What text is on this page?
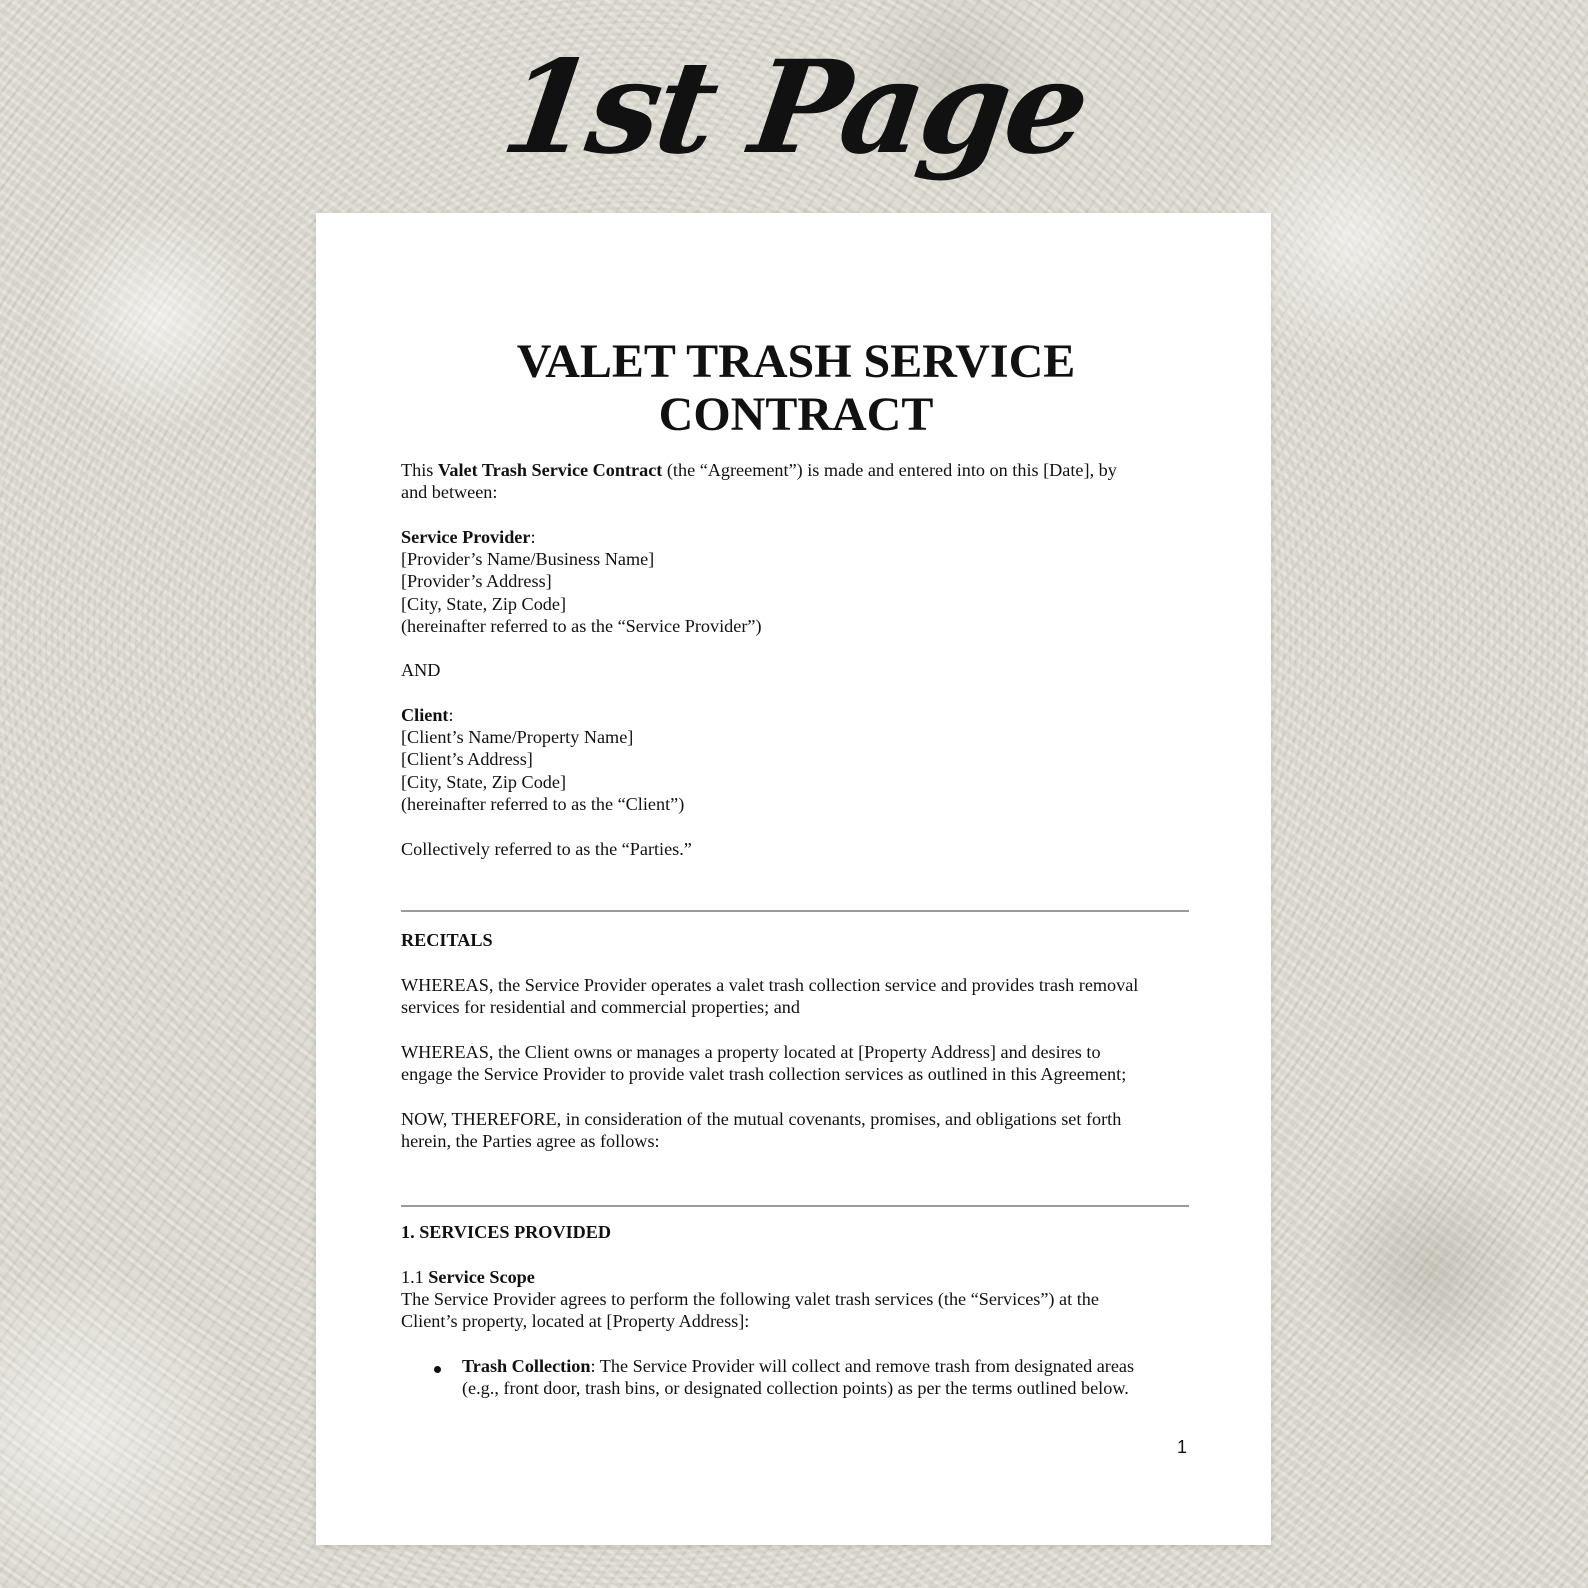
1st Page
VALET TRASH SERVICE
CONTRACT
This Valet Trash Service Contract (the “Agreement”) is made and entered into on this [Date], by
and between:
Service Provider:
[Provider’s Name/Business Name]
[Provider’s Address]
[City, State, Zip Code]
(hereinafter referred to as the “Service Provider”)
AND
Client:
[Client’s Name/Property Name]
[Client’s Address]
[City, State, Zip Code]
(hereinafter referred to as the “Client”)
Collectively referred to as the “Parties.”
RECITALS
WHEREAS, the Service Provider operates a valet trash collection service and provides trash removal
services for residential and commercial properties; and
WHEREAS, the Client owns or manages a property located at [Property Address] and desires to
engage the Service Provider to provide valet trash collection services as outlined in this Agreement;
NOW, THEREFORE, in consideration of the mutual covenants, promises, and obligations set forth
herein, the Parties agree as follows:
1. SERVICES PROVIDED
1.1 Service Scope
The Service Provider agrees to perform the following valet trash services (the “Services”) at the
Client’s property, located at [Property Address]:
Trash Collection: The Service Provider will collect and remove trash from designated areas
(e.g., front door, trash bins, or designated collection points) as per the terms outlined below.
1
